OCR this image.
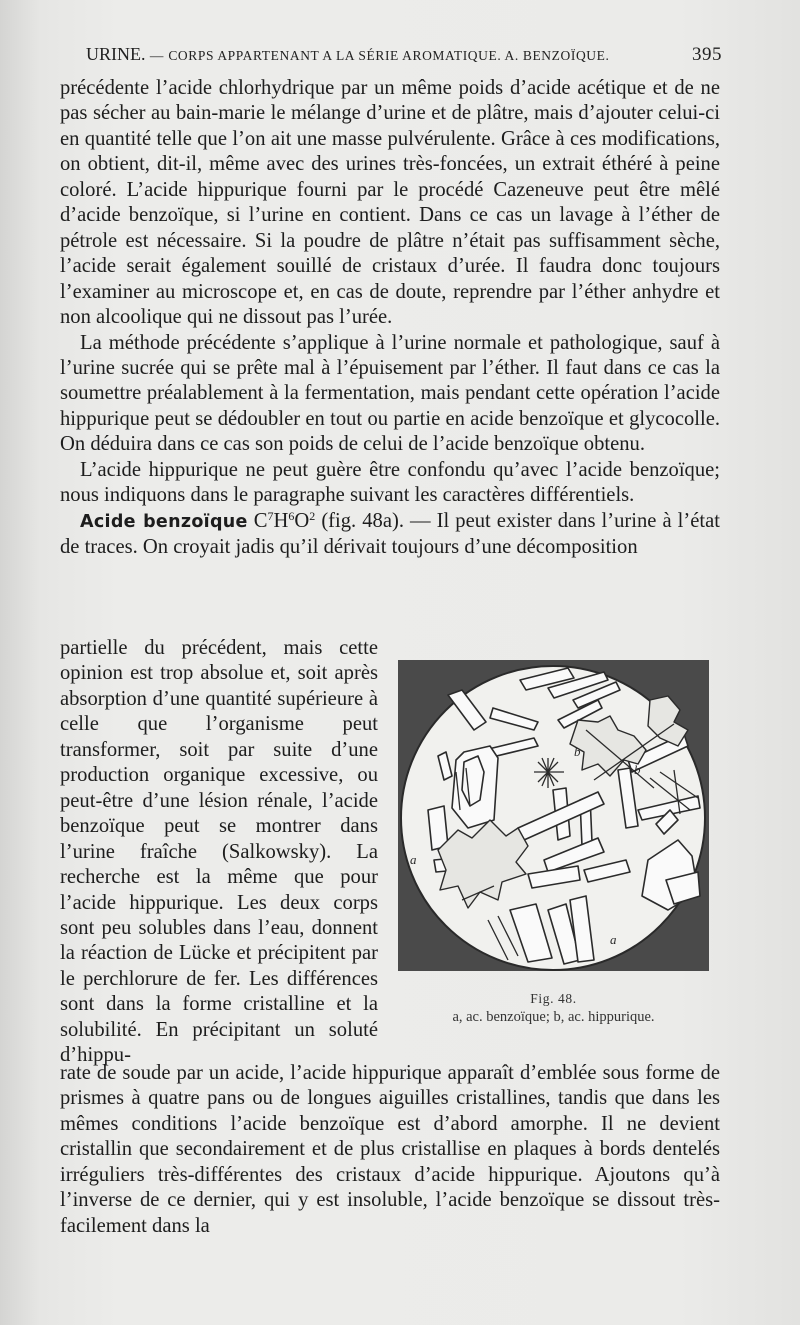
URINE. — CORPS APPARTENANT A LA SÉRIE AROMATIQUE. A. BENZOÏQUE.	395

précédente l’acide chlorhydrique par un même poids d’acide acétique et de ne pas sécher au bain-marie le mélange d’urine et de plâtre, mais d’ajouter celui-ci en quantité telle que l’on ait une masse pulvérulente. Grâce à ces modifications, on obtient, dit-il, même avec des urines très-foncées, un extrait éthéré à peine coloré. L’acide hippurique fourni par le procédé Cazeneuve peut être mêlé d’acide benzoïque, si l’urine en contient. Dans ce cas un lavage à l’éther de pétrole est nécessaire. Si la poudre de plâtre n’était pas suffisamment sèche, l’acide serait également souillé de cristaux d’urée. Il faudra donc toujours l’examiner au microscope et, en cas de doute, reprendre par l’éther anhydre et non alcoolique qui ne dissout pas l’urée.

La méthode précédente s’applique à l’urine normale et pathologique, sauf à l’urine sucrée qui se prête mal à l’épuisement par l’éther. Il faut dans ce cas la soumettre préalablement à la fermentation, mais pendant cette opération l’acide hippurique peut se dédoubler en tout ou partie en acide benzoïque et glycocolle. On déduira dans ce cas son poids de celui de l’acide benzoïque obtenu.

L’acide hippurique ne peut guère être confondu qu’avec l’acide benzoïque; nous indiquons dans le paragraphe suivant les caractères différentiels.

Acide benzoïque $C^7H^6O^2$ (fig. 48a). — Il peut exister dans l’urine à l’état de traces. On croyait jadis qu’il dérivait toujours d’une décomposition

partielle du précédent, mais cette opinion est trop absolue et, soit après absorption d’une quantité supérieure à celle que l’organisme peut transformer, soit par suite d’une production organique excessive, ou peut-être d’une lésion rénale, l’acide benzoïque peut se montrer dans l’urine fraîche (Salkowsky). La recherche est la même que pour l’acide hippurique. Les deux corps sont peu solubles dans l’eau, donnent la réaction de Lücke et précipitent par le perchlorure de fer. Les différences sont dans la forme cristalline et la solubilité. En précipitant un soluté d’hippu-

b
b
a
a
Fig. 48.
a, ac. benzoïque; b, ac. hippurique.

rate de soude par un acide, l’acide hippurique apparaît d’emblée sous forme de prismes à quatre pans ou de longues aiguilles cristallines, tandis que dans les mêmes conditions l’acide benzoïque est d’abord amorphe. Il ne devient cristallin que secondairement et de plus cristallise en plaques à bords dentelés irréguliers très-différentes des cristaux d’acide hippurique. Ajoutons qu’à l’inverse de ce dernier, qui y est insoluble, l’acide benzoïque se dissout très-facilement dans la
